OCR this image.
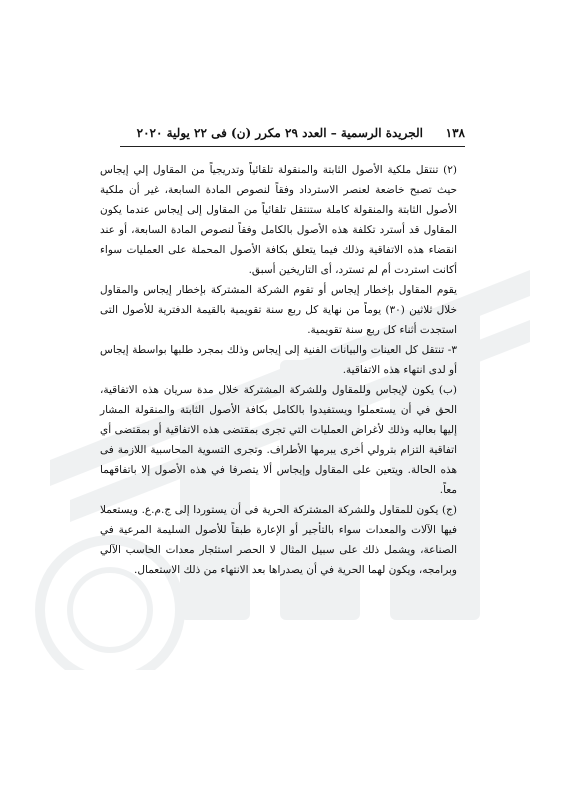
١٣٨
الجريدة الرسمية – العدد ٢٩ مكرر (ن) فى ٢٢ يولية ٢٠٢٠

(٢) تنتقل ملكية الأصول الثابتة والمنقولة تلقائياً وتدريجياً من المقاول إلي إيجاس حيث تصبح خاضعة لعنصر الاسترداد وفقاً لنصوص المادة السابعة، غير أن ملكية الأصول الثابتة والمنقولة كاملة ستنتقل تلقائياً من المقاول إلى إيجاس عندما يكون المقاول قد أسترد تكلفة هذه الأصول بالكامل وفقاً لنصوص المادة السابعة، أو عند انقضاء هذه الاتفاقية وذلك فيما يتعلق بكافة الأصول المحملة على العمليات سواء أكانت استردت أم لم تسترد، أى التاريخين أسبق.

يقوم المقاول بإخطار إيجاس أو تقوم الشركة المشتركة بإخطار إيجاس والمقاول خلال ثلاثين (٣٠) يوماً من نهاية كل ربع سنة تقويمية بالقيمة الدفترية للأصول التى استجدت أثناء كل ربع سنة تقويمية.

٣- تنتقل كل العينات والبيانات الفنية إلى إيجاس وذلك بمجرد طلبها بواسطة إيجاس أو لدى انتهاء هذه الاتفاقية.

(ب) يكون لإيجاس وللمقاول وللشركة المشتركة خلال مدة سريان هذه الاتفاقية، الحق في أن يستعملوا ويستفيدوا بالكامل بكافة الأصول الثابتة والمنقولة المشار إليها بعاليه وذلك لأغراض العمليات التي تجرى بمقتضى هذه الاتفاقية أو بمقتضى أي اتفاقية التزام بترولي أخرى يبرمها الأطراف. وتجرى التسوية المحاسبية اللازمة فى هذه الحالة. ويتعين على المقاول وإيجاس ألا يتصرفا في هذه الأصول إلا باتفاقهما معاً.

(ج) يكون للمقاول وللشركة المشتركة الحرية فى أن يستوردا إلى ج.م.ع. ويستعملا فيها الآلات والمعدات سواء بالتأجير أو الإعارة طبقاً للأصول السليمة المرعية في الصناعة، ويشمل ذلك على سبيل المثال لا الحصر استئجار معدات الحاسب الآلي وبرامجه، ويكون لهما الحرية في أن يصدراها بعد الانتهاء من ذلك الاستعمال.
